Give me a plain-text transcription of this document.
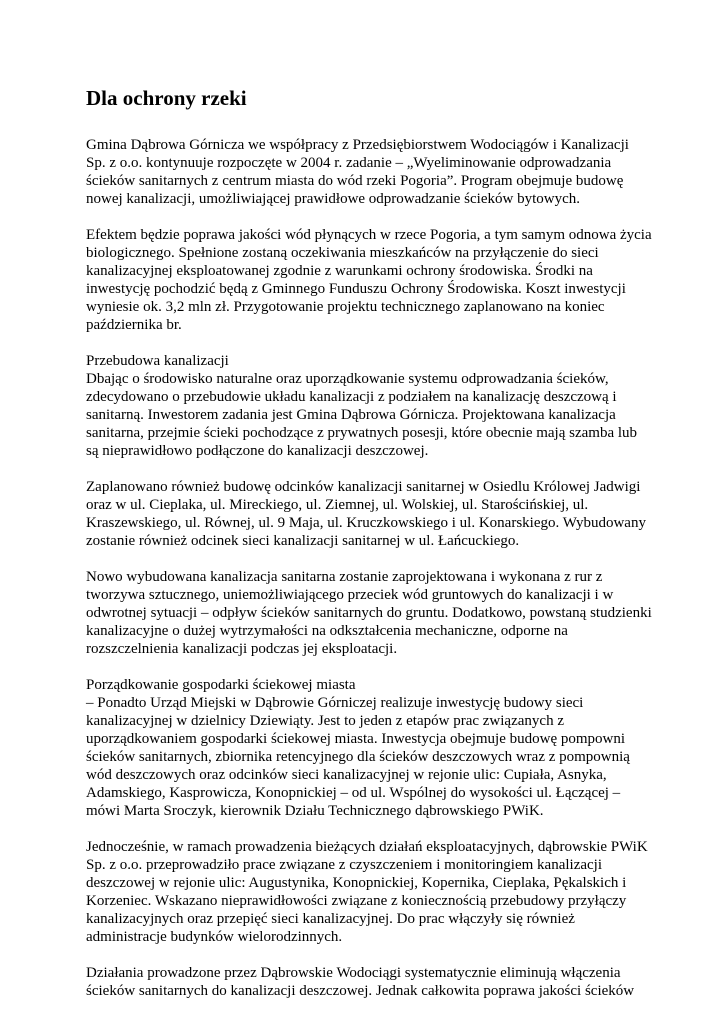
Dla ochrony rzeki
Gmina Dąbrowa Górnicza we współpracy z Przedsiębiorstwem Wodociągów i Kanalizacji
Sp. z o.o. kontynuuje rozpoczęte w 2004 r. zadanie – „Wyeliminowanie odprowadzania
ścieków sanitarnych z centrum miasta do wód rzeki Pogoria”. Program obejmuje budowę
nowej kanalizacji, umożliwiającej prawidłowe odprowadzanie ścieków bytowych.
Efektem będzie poprawa jakości wód płynących w rzece Pogoria, a tym samym odnowa życia
biologicznego. Spełnione zostaną oczekiwania mieszkańców na przyłączenie do sieci
kanalizacyjnej eksploatowanej zgodnie z warunkami ochrony środowiska. Środki na
inwestycję pochodzić będą z Gminnego Funduszu Ochrony Środowiska. Koszt inwestycji
wyniesie ok. 3,2 mln zł. Przygotowanie projektu technicznego zaplanowano na koniec
października br.
Przebudowa kanalizacji
Dbając o środowisko naturalne oraz uporządkowanie systemu odprowadzania ścieków,
zdecydowano o przebudowie układu kanalizacji z podziałem na kanalizację deszczową i
sanitarną. Inwestorem zadania jest Gmina Dąbrowa Górnicza. Projektowana kanalizacja
sanitarna, przejmie ścieki pochodzące z prywatnych posesji, które obecnie mają szamba lub
są nieprawidłowo podłączone do kanalizacji deszczowej.
Zaplanowano również budowę odcinków kanalizacji sanitarnej w Osiedlu Królowej Jadwigi
oraz w ul. Cieplaka, ul. Mireckiego, ul. Ziemnej, ul. Wolskiej, ul. Starościńskiej, ul.
Kraszewskiego, ul. Równej, ul. 9 Maja, ul. Kruczkowskiego i ul. Konarskiego. Wybudowany
zostanie również odcinek sieci kanalizacji sanitarnej w ul. Łańcuckiego.
Nowo wybudowana kanalizacja sanitarna zostanie zaprojektowana i wykonana z rur z
tworzywa sztucznego, uniemożliwiającego przeciek wód gruntowych do kanalizacji i w
odwrotnej sytuacji – odpływ ścieków sanitarnych do gruntu. Dodatkowo, powstaną studzienki
kanalizacyjne o dużej wytrzymałości na odkształcenia mechaniczne, odporne na
rozszczelnienia kanalizacji podczas jej eksploatacji.
Porządkowanie gospodarki ściekowej miasta
– Ponadto Urząd Miejski w Dąbrowie Górniczej realizuje inwestycję budowy sieci
kanalizacyjnej w dzielnicy Dziewiąty. Jest to jeden z etapów prac związanych z
uporządkowaniem gospodarki ściekowej miasta. Inwestycja obejmuje budowę pompowni
ścieków sanitarnych, zbiornika retencyjnego dla ścieków deszczowych wraz z pompownią
wód deszczowych oraz odcinków sieci kanalizacyjnej w rejonie ulic: Cupiała, Asnyka,
Adamskiego, Kasprowicza, Konopnickiej – od ul. Wspólnej do wysokości ul. Łączącej –
mówi Marta Sroczyk, kierownik Działu Technicznego dąbrowskiego PWiK.
Jednocześnie, w ramach prowadzenia bieżących działań eksploatacyjnych, dąbrowskie PWiK
Sp. z o.o. przeprowadziło prace związane z czyszczeniem i monitoringiem kanalizacji
deszczowej w rejonie ulic: Augustynika, Konopnickiej, Kopernika, Cieplaka, Pękalskich i
Korzeniec. Wskazano nieprawidłowości związane z koniecznością przebudowy przyłączy
kanalizacyjnych oraz przepięć sieci kanalizacyjnej. Do prac włączyły się również
administracje budynków wielorodzinnych.
Działania prowadzone przez Dąbrowskie Wodociągi systematycznie eliminują włączenia
ścieków sanitarnych do kanalizacji deszczowej. Jednak całkowita poprawa jakości ścieków
